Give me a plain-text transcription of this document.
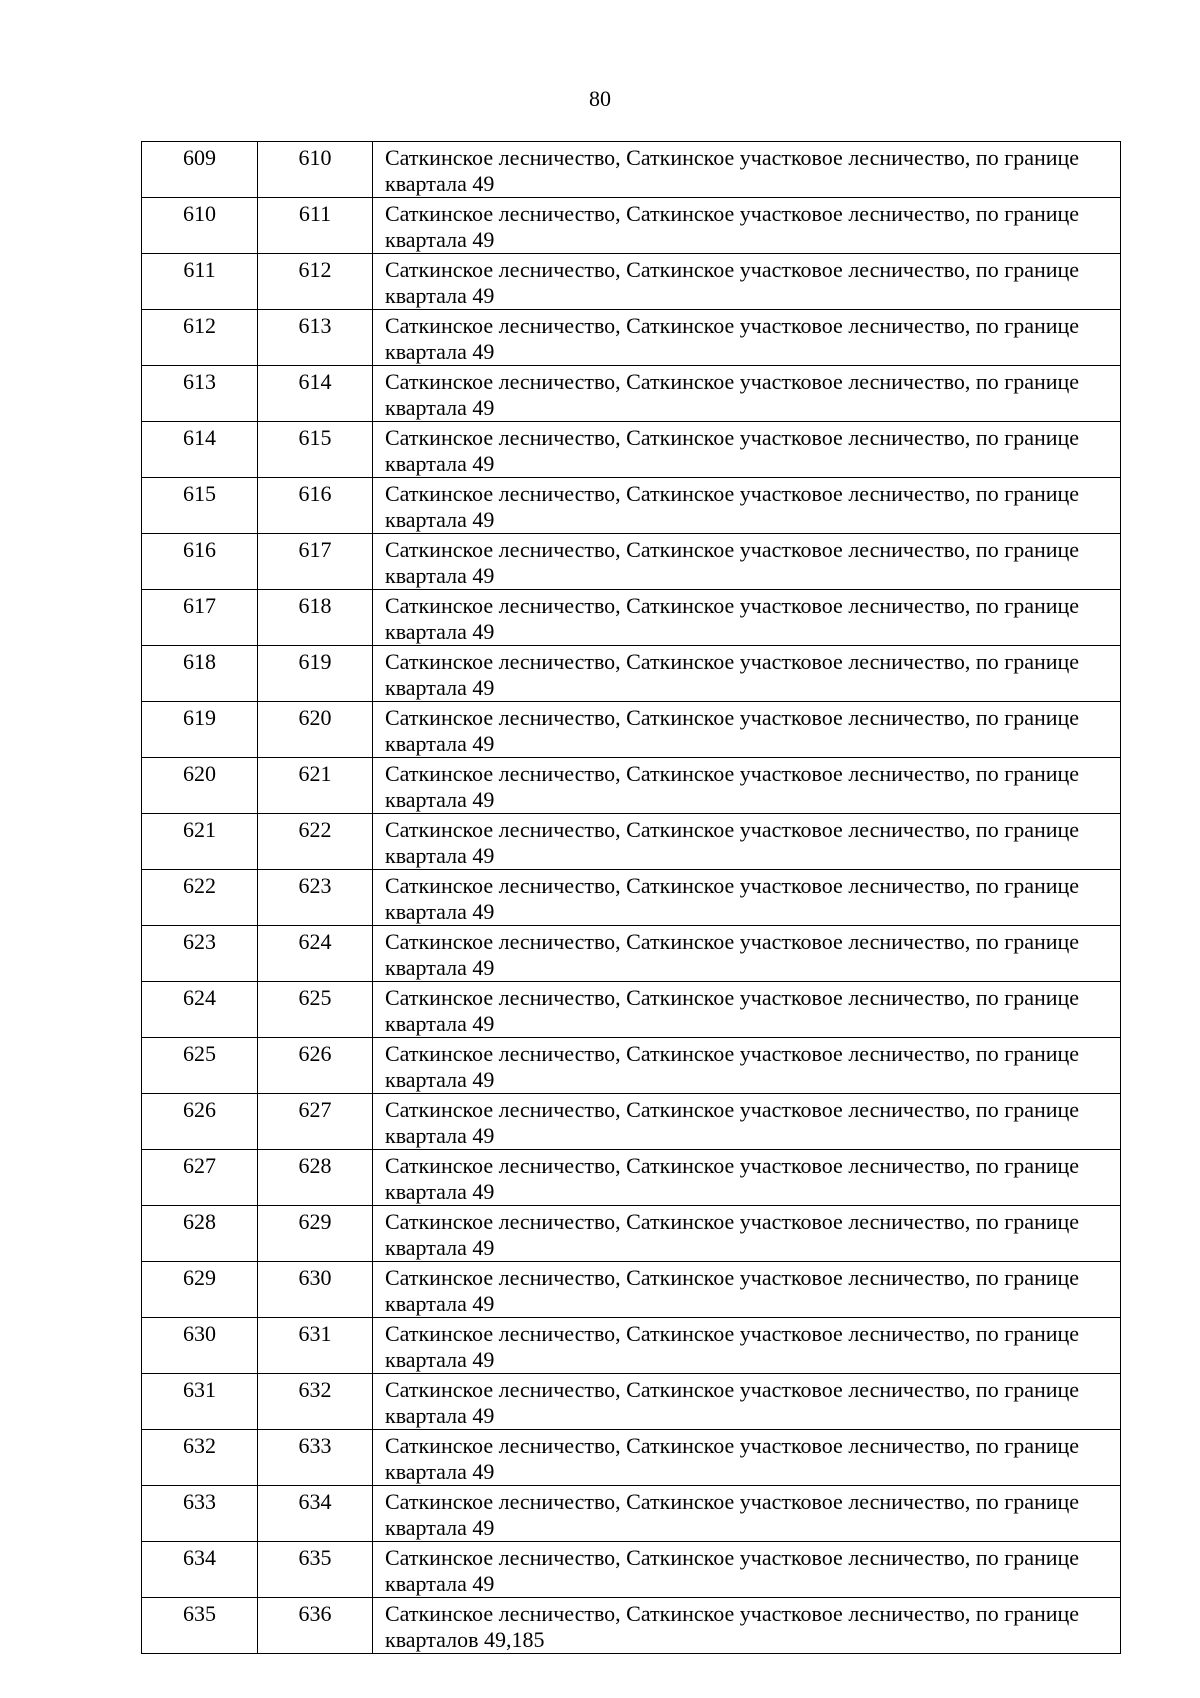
80
609	610	Саткинское лесничество, Саткинское участковое лесничество, по границе квартала 49
610	611	Саткинское лесничество, Саткинское участковое лесничество, по границе квартала 49
611	612	Саткинское лесничество, Саткинское участковое лесничество, по границе квартала 49
612	613	Саткинское лесничество, Саткинское участковое лесничество, по границе квартала 49
613	614	Саткинское лесничество, Саткинское участковое лесничество, по границе квартала 49
614	615	Саткинское лесничество, Саткинское участковое лесничество, по границе квартала 49
615	616	Саткинское лесничество, Саткинское участковое лесничество, по границе квартала 49
616	617	Саткинское лесничество, Саткинское участковое лесничество, по границе квартала 49
617	618	Саткинское лесничество, Саткинское участковое лесничество, по границе квартала 49
618	619	Саткинское лесничество, Саткинское участковое лесничество, по границе квартала 49
619	620	Саткинское лесничество, Саткинское участковое лесничество, по границе квартала 49
620	621	Саткинское лесничество, Саткинское участковое лесничество, по границе квартала 49
621	622	Саткинское лесничество, Саткинское участковое лесничество, по границе квартала 49
622	623	Саткинское лесничество, Саткинское участковое лесничество, по границе квартала 49
623	624	Саткинское лесничество, Саткинское участковое лесничество, по границе квартала 49
624	625	Саткинское лесничество, Саткинское участковое лесничество, по границе квартала 49
625	626	Саткинское лесничество, Саткинское участковое лесничество, по границе квартала 49
626	627	Саткинское лесничество, Саткинское участковое лесничество, по границе квартала 49
627	628	Саткинское лесничество, Саткинское участковое лесничество, по границе квартала 49
628	629	Саткинское лесничество, Саткинское участковое лесничество, по границе квартала 49
629	630	Саткинское лесничество, Саткинское участковое лесничество, по границе квартала 49
630	631	Саткинское лесничество, Саткинское участковое лесничество, по границе квартала 49
631	632	Саткинское лесничество, Саткинское участковое лесничество, по границе квартала 49
632	633	Саткинское лесничество, Саткинское участковое лесничество, по границе квартала 49
633	634	Саткинское лесничество, Саткинское участковое лесничество, по границе квартала 49
634	635	Саткинское лесничество, Саткинское участковое лесничество, по границе квартала 49
635	636	Саткинское лесничество, Саткинское участковое лесничество, по границе кварталов 49,185
